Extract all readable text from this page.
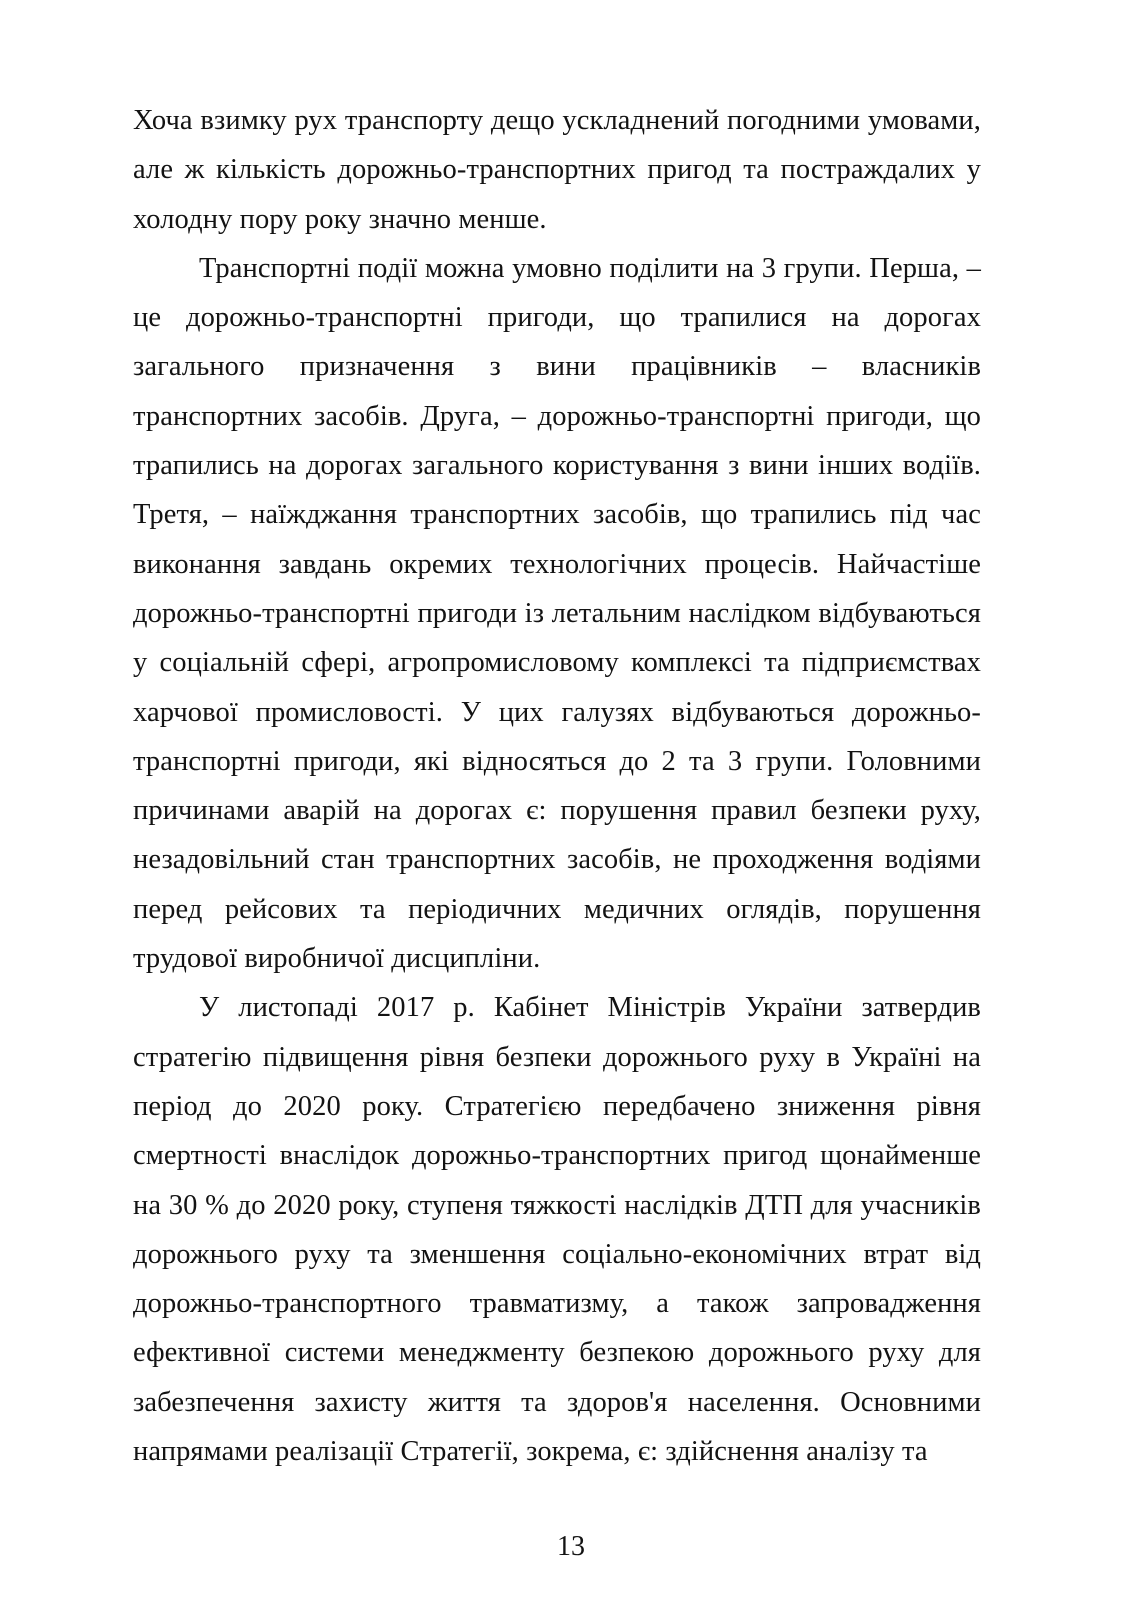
Хоча взимку рух транспорту дещо ускладнений погодними умовами, але ж кількість дорожньо-транспортних пригод та постраждалих у холодну пору року значно менше.

Транспортні події можна умовно поділити на 3 групи. Перша, – це дорожньо-транспортні пригоди, що трапилися на дорогах загального призначення з вини працівників – власників транспортних засобів. Друга, – дорожньо-транспортні пригоди, що трапились на дорогах загального користування з вини інших водіїв. Третя, – наїжджання транспортних засобів, що трапились під час виконання завдань окремих технологічних процесів. Найчастіше дорожньо-транспортні пригоди із летальним наслідком відбуваються у соціальній сфері, агропромисловому комплексі та підприємствах харчової промисловості. У цих галузях відбуваються дорожньо-транспортні пригоди, які відносяться до 2 та 3 групи. Головними причинами аварій на дорогах є: порушення правил безпеки руху, незадовільний стан транспортних засобів, не проходження водіями перед рейсових та періодичних медичних оглядів, порушення трудової виробничої дисципліни.

У листопаді 2017 р. Кабінет Міністрів України затвердив стратегію підвищення рівня безпеки дорожнього руху в Україні на період до 2020 року. Стратегією передбачено зниження рівня смертності внаслідок дорожньо-транспортних пригод щонайменше на 30 % до 2020 року, ступеня тяжкості наслідків ДТП для учасників дорожнього руху та зменшення соціально-економічних втрат від дорожньо-транспортного травматизму, а також запровадження ефективної системи менеджменту безпекою дорожнього руху для забезпечення захисту життя та здоров'я населення. Основними напрямами реалізації Стратегії, зокрема, є: здійснення аналізу та

13
